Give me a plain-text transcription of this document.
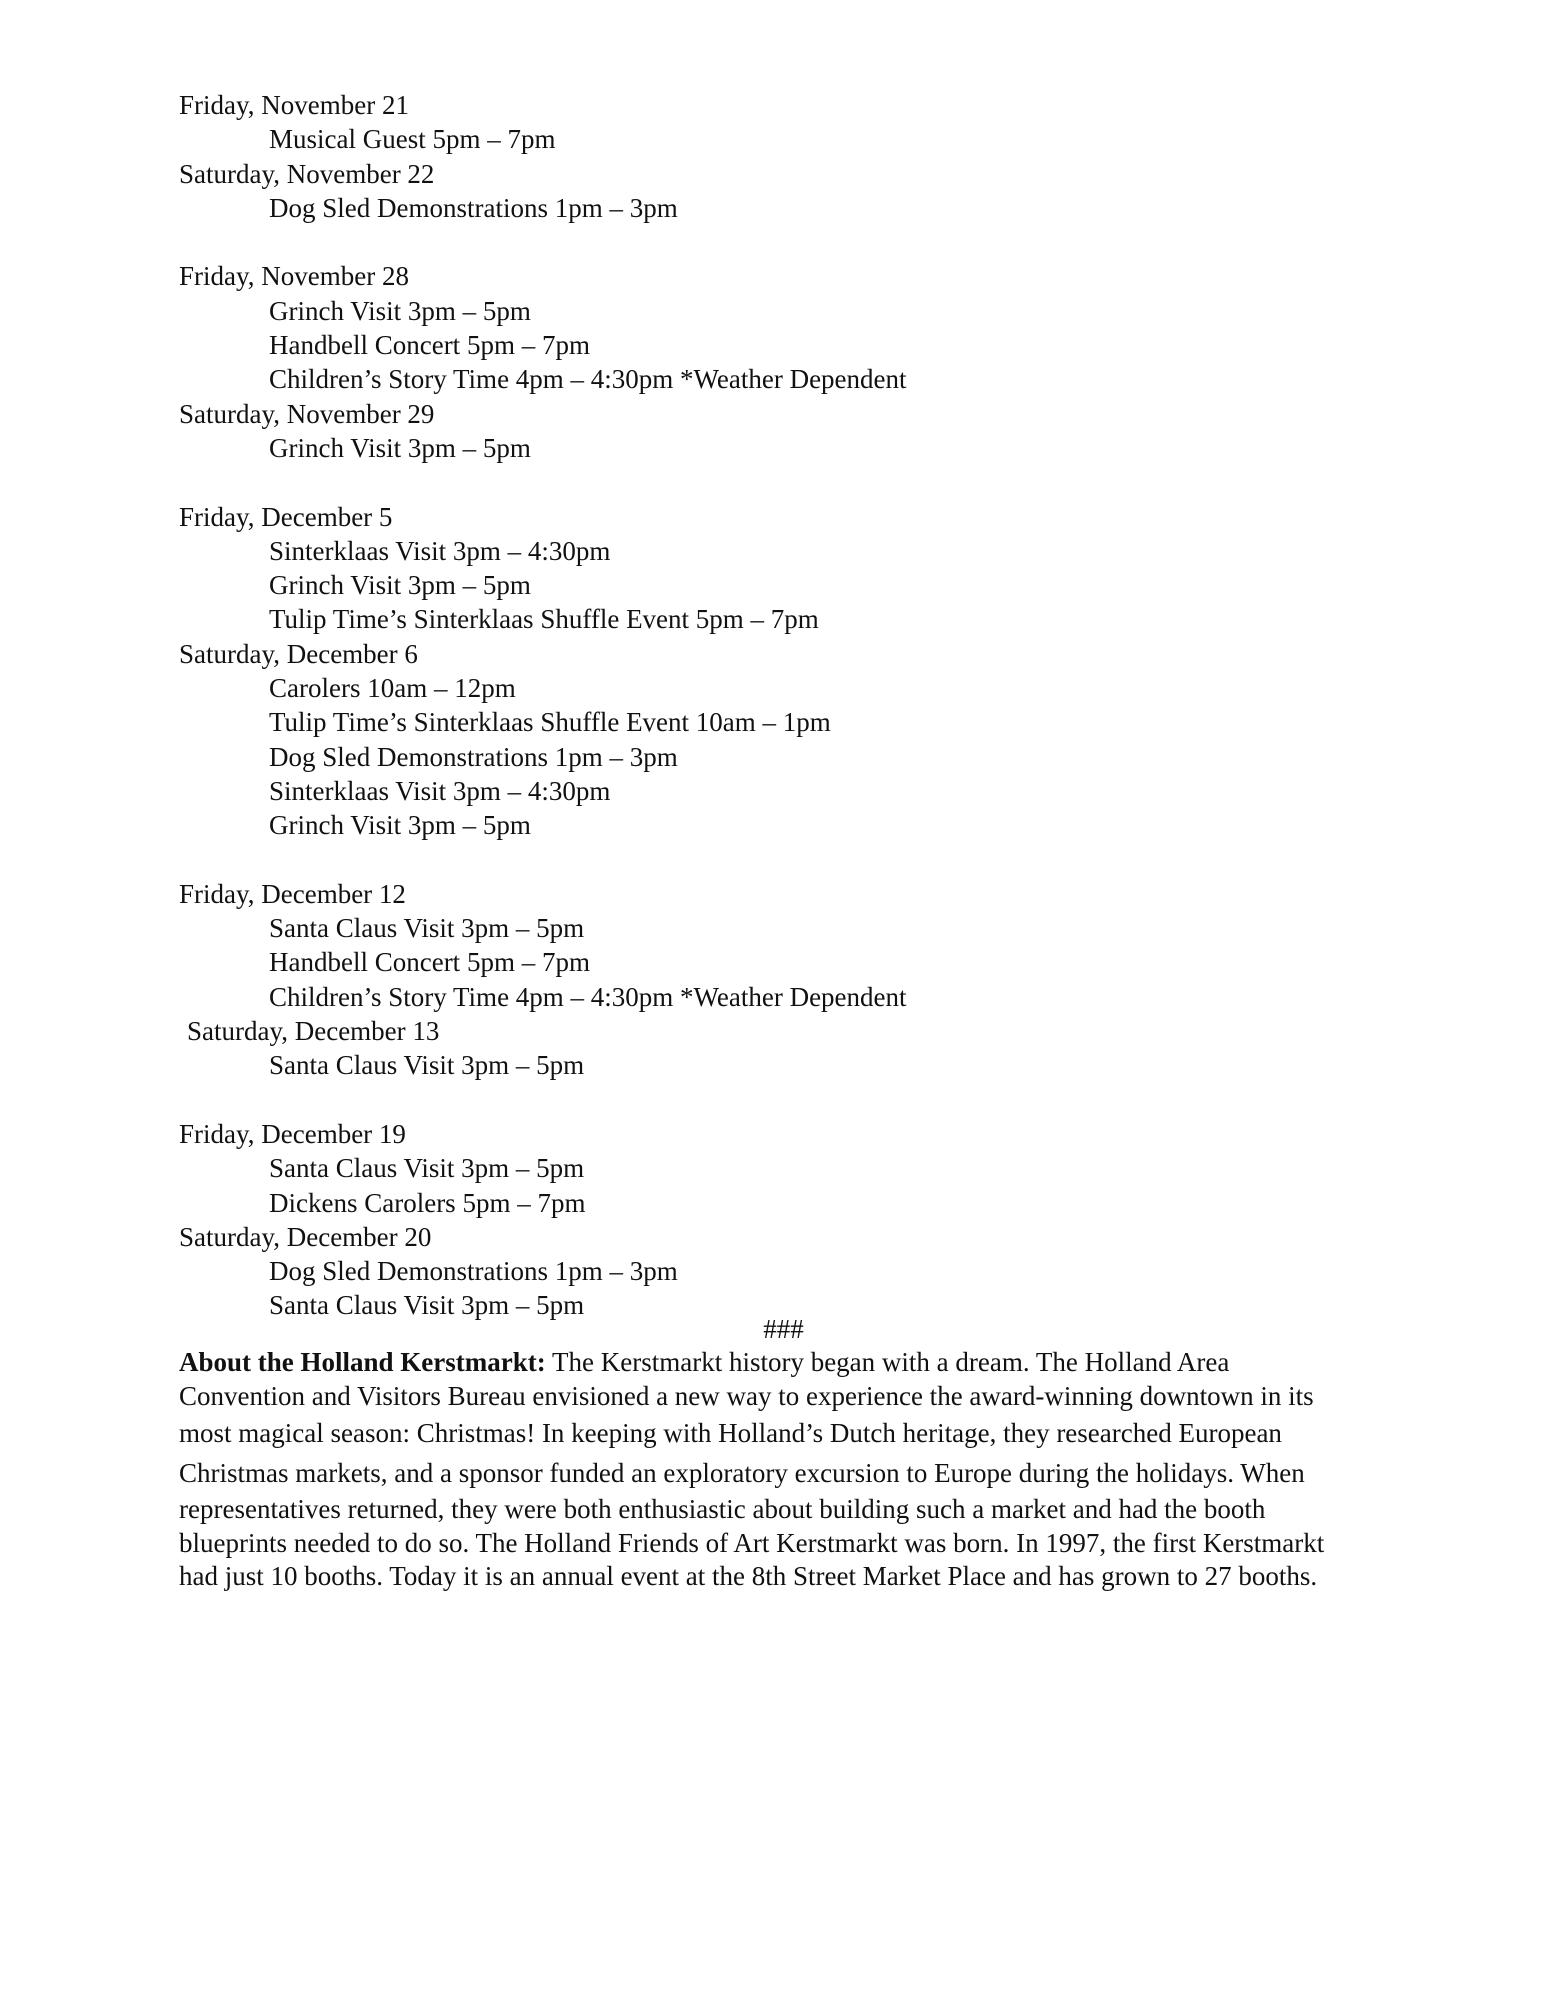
Friday, November 21
Musical Guest 5pm – 7pm
Saturday, November 22
Dog Sled Demonstrations 1pm – 3pm
Friday, November 28
Grinch Visit 3pm – 5pm
Handbell Concert 5pm – 7pm
Children’s Story Time 4pm – 4:30pm *Weather Dependent
Saturday, November 29
Grinch Visit 3pm – 5pm
Friday, December 5
Sinterklaas Visit 3pm – 4:30pm
Grinch Visit 3pm – 5pm
Tulip Time’s Sinterklaas Shuffle Event 5pm – 7pm
Saturday, December 6
Carolers 10am – 12pm
Tulip Time’s Sinterklaas Shuffle Event 10am – 1pm
Dog Sled Demonstrations 1pm – 3pm
Sinterklaas Visit 3pm – 4:30pm
Grinch Visit 3pm – 5pm
Friday, December 12
Santa Claus Visit 3pm – 5pm
Handbell Concert 5pm – 7pm
Children’s Story Time 4pm – 4:30pm *Weather Dependent
Saturday, December 13
Santa Claus Visit 3pm – 5pm
Friday, December 19
Santa Claus Visit 3pm – 5pm
Dickens Carolers 5pm – 7pm
Saturday, December 20
Dog Sled Demonstrations 1pm – 3pm
Santa Claus Visit 3pm – 5pm
###
About the Holland Kerstmarkt: The Kerstmarkt history began with a dream. The Holland Area
Convention and Visitors Bureau envisioned a new way to experience the award-winning downtown in its
most magical season: Christmas! In keeping with Holland’s Dutch heritage, they researched European
Christmas markets, and a sponsor funded an exploratory excursion to Europe during the holidays. When
representatives returned, they were both enthusiastic about building such a market and had the booth
blueprints needed to do so. The Holland Friends of Art Kerstmarkt was born. In 1997, the first Kerstmarkt
had just 10 booths. Today it is an annual event at the 8th Street Market Place and has grown to 27 booths.
